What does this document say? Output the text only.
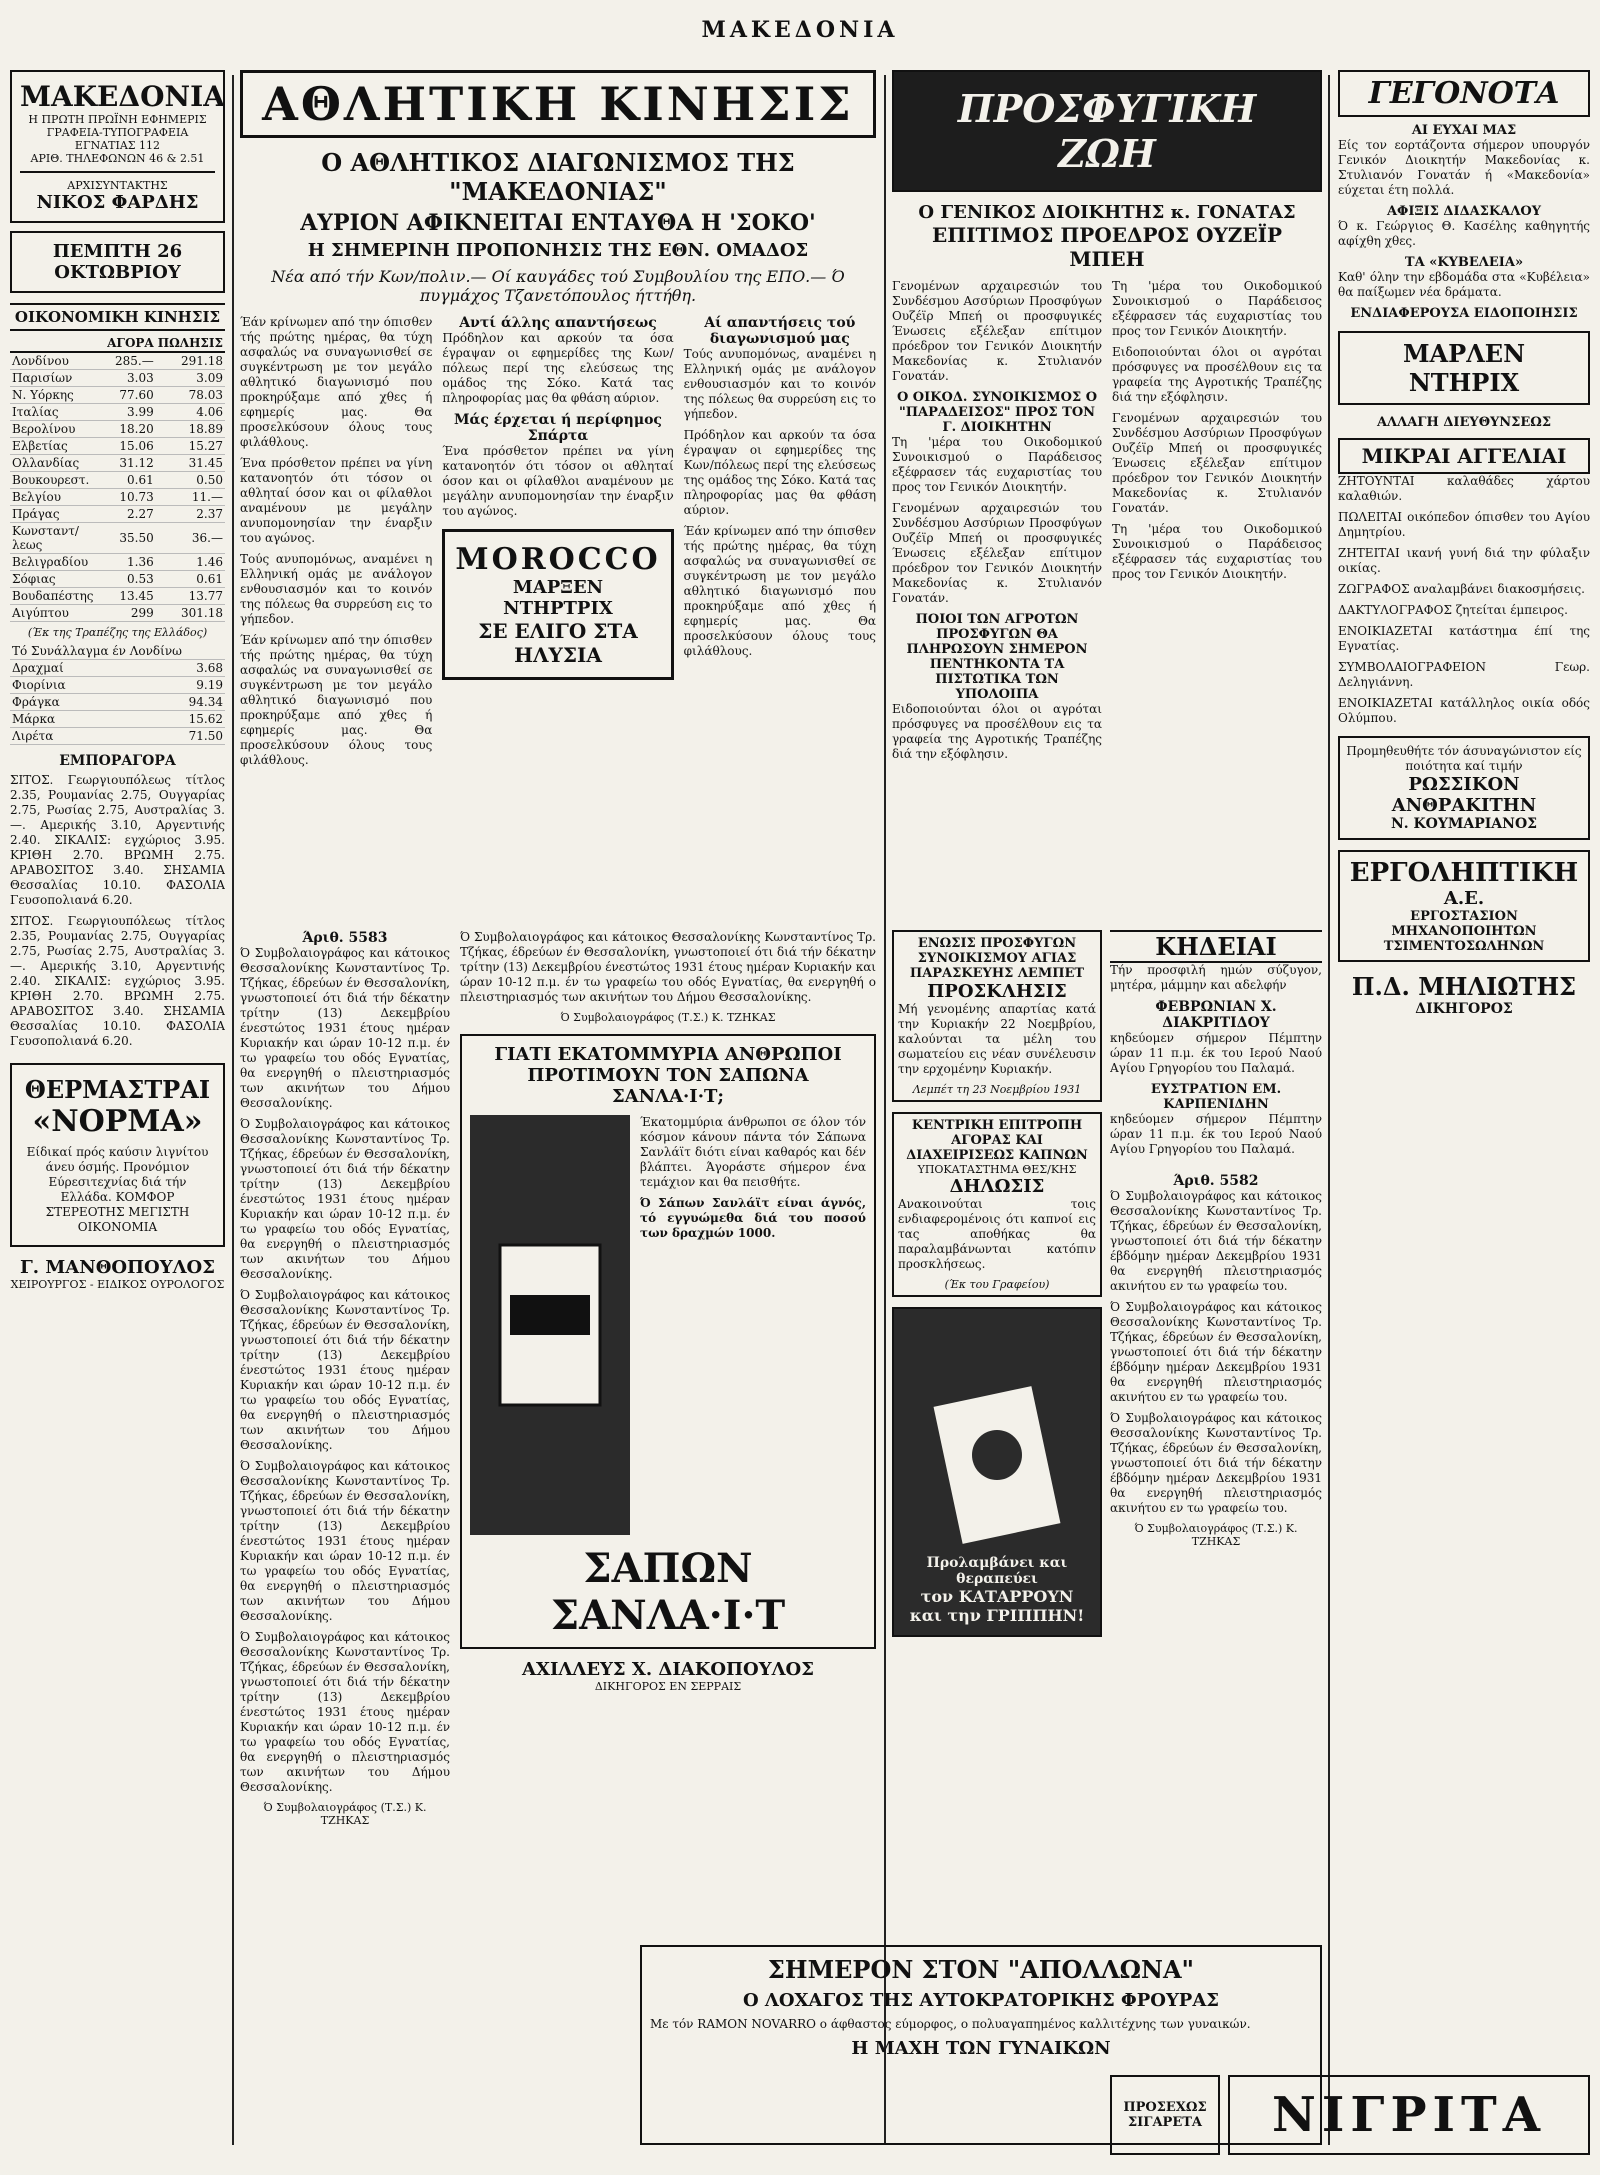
ΜΑΚΕΔΟΝΙΑ
ΜΑΚΕΔΟΝΙΑ
Η ΠΡΩΤΗ ΠΡΩΪΝΗ ΕΦΗΜΕΡΙΣ
ΓΡΑΦΕΙΑ-ΤΥΠΟΓΡΑΦΕΙΑ ΕΓΝΑΤΙΑΣ 112
ΑΡΙΘ. ΤΗΛΕΦΩΝΩΝ 46 & 2.51
ΑΡΧΙΣΥΝΤΑΚΤΗΣ
ΝΙΚΟΣ ΦΑΡΔΗΣ
ΠΕΜΠΤΗ 26 ΟΚΤΩΒΡΙΟΥ
ΟΙΚΟΝΟΜΙΚΗ ΚΙΝΗΣΙΣ
	ΑΓΟΡΑ	ΠΩΛΗΣΙΣ
Λονδίνου	285.—	291.18
Παρισίων	3.03	3.09
Ν. Υόρκης	77.60	78.03
Ιταλίας	3.99	4.06
Βερολίνου	18.20	18.89
Ελβετίας	15.06	15.27
Ολλανδίας	31.12	31.45
Βουκουρεστ.	0.61	0.50
Βελγίου	10.73	11.—
Πράγας	2.27	2.37
Κωνσταντ/λεως	35.50	36.—
Βελιγραδίου	1.36	1.46
Σόφιας	0.53	0.61
Βουδαπέστης	13.45	13.77
Αιγύπτου	299	301.18
(Έκ της Τραπέζης της Ελλάδος)
Τό Συνάλλαγμα έν Λονδίνω	
Δραχμαί	3.68
Φιορίνια	9.19
Φράγκα	94.34
Μάρκα	15.62
Λιρέτα	71.50
ΕΜΠΟΡΑΓΟΡΑ

ΣΙΤΟΣ. Γεωργιουπόλεως τίτλος 2.35, Ρουμανίας 2.75, Ουγγαρίας 2.75, Ρωσίας 2.75, Αυστραλίας 3.—. Αμερικής 3.10, Αργεντινής 2.40. ΣΙΚΑΛΙΣ: εγχώριος 3.95. ΚΡΙΘΗ 2.70. ΒΡΩΜΗ 2.75. ΑΡΑΒΟΣΙΤΟΣ 3.40. ΣΗΣΑΜΙΑ Θεσσαλίας 10.10. ΦΑΣΟΛΙΑ Γευσοπολιανά 6.20.

ΣΙΤΟΣ. Γεωργιουπόλεως τίτλος 2.35, Ρουμανίας 2.75, Ουγγαρίας 2.75, Ρωσίας 2.75, Αυστραλίας 3.—. Αμερικής 3.10, Αργεντινής 2.40. ΣΙΚΑΛΙΣ: εγχώριος 3.95. ΚΡΙΘΗ 2.70. ΒΡΩΜΗ 2.75. ΑΡΑΒΟΣΙΤΟΣ 3.40. ΣΗΣΑΜΙΑ Θεσσαλίας 10.10. ΦΑΣΟΛΙΑ Γευσοπολιανά 6.20.

ΘΕΡΜΑΣΤΡΑΙ
«ΝΟΡΜΑ»
Είδικαί πρός καύσιν λιγνίτου άνευ όσμής. Προνόμιον Εύρεσιτεχνίας διά τήν Ελλάδα. ΚΟΜΦΟΡ ΣΤΕΡΕΟΤΗΣ ΜΕΓΙΣΤΗ ΟΙΚΟΝΟΜΙΑ
Γ. ΜΑΝΘΟΠΟΥΛΟΣ
ΧΕΙΡΟΥΡΓΟΣ - ΕΙΔΙΚΟΣ ΟΥΡΟΛΟΓΟΣ
ΑΘΛΗΤΙΚΗ ΚΙΝΗΣΙΣ
Ο ΑΘΛΗΤΙΚΟΣ ΔΙΑΓΩΝΙΣΜΟΣ ΤΗΣ "ΜΑΚΕΔΟΝΙΑΣ"
ΑΥΡΙΟΝ ΑΦΙΚΝΕΙΤΑΙ ΕΝΤΑΥΘΑ Η 'ΣΟΚΟ'
Η ΣΗΜΕΡΙΝΗ ΠΡΟΠΟΝΗΣΙΣ ΤΗΣ ΕΘΝ. ΟΜΑΔΟΣ
Νέα από τήν Κων/πολιν.— Οί καυγάδες τού Συμβουλίου της ΕΠΟ.— Ό πυγμάχος Τζανετόπουλος ήττήθη.

Έάν κρίνωμεν από την όπισθεν τής πρώτης ημέρας, θα τύχη ασφαλώς να συναγωνισθεί σε συγκέντρωση με τον μεγάλο αθλητικό διαγωνισμό που προκηρύξαμε από χθες ή εφημερίς μας. Θα προσελκύσουν όλους τους φιλάθλους.

Ένα πρόσθετον πρέπει να γίνη κατανοητόν ότι τόσον οι αθληταί όσον και οι φίλαθλοι αναμένουν με μεγάλην ανυπομονησίαν την έναρξιν του αγώνος.

Τούς ανυπομόνως, αναμένει η Ελληνική ομάς με ανάλογον ενθουσιασμόν και το κοινόν της πόλεως θα συρρεύση εις το γήπεδον.

Έάν κρίνωμεν από την όπισθεν τής πρώτης ημέρας, θα τύχη ασφαλώς να συναγωνισθεί σε συγκέντρωση με τον μεγάλο αθλητικό διαγωνισμό που προκηρύξαμε από χθες ή εφημερίς μας. Θα προσελκύσουν όλους τους φιλάθλους.

Αντί άλλης απαντήσεως

Πρόδηλον και αρκούν τα όσα έγραψαν οι εφημερίδες της Κων/πόλεως περί της ελεύσεως της ομάδος της Σόκο. Κατά τας πληροφορίας μας θα φθάση αύριον.

Μάς έρχεται ή περίφημος Σπάρτα

Ένα πρόσθετον πρέπει να γίνη κατανοητόν ότι τόσον οι αθληταί όσον και οι φίλαθλοι αναμένουν με μεγάλην ανυπομονησίαν την έναρξιν του αγώνος.

MOROCCO
ΜΑΡΞΕΝ ΝΤΗΡΤΡΙΧ
ΣΕ ΕΛΙΓΟ ΣΤΑ ΗΛΥΣΙΑ
Αί απαντήσεις τού διαγωνισμού μας

Τούς ανυπομόνως, αναμένει η Ελληνική ομάς με ανάλογον ενθουσιασμόν και το κοινόν της πόλεως θα συρρεύση εις το γήπεδον.

Πρόδηλον και αρκούν τα όσα έγραψαν οι εφημερίδες της Κων/πόλεως περί της ελεύσεως της ομάδος της Σόκο. Κατά τας πληροφορίας μας θα φθάση αύριον.

Έάν κρίνωμεν από την όπισθεν τής πρώτης ημέρας, θα τύχη ασφαλώς να συναγωνισθεί σε συγκέντρωση με τον μεγάλο αθλητικό διαγωνισμό που προκηρύξαμε από χθες ή εφημερίς μας. Θα προσελκύσουν όλους τους φιλάθλους.

Άριθ. 5583

Ό Συμβολαιογράφος και κάτοικος Θεσσαλονίκης Κωνσταντίνος Τρ. Τζήκας, έδρεύων έν Θεσσαλονίκη, γνωστοποιεί ότι διά τήν δέκατην τρίτην (13) Δεκεμβρίου ένεστώτος 1931 έτους ημέραν Κυριακήν και ώραν 10-12 π.μ. έν τω γραφείω του οδός Εγνατίας, θα ενεργηθή ο πλειστηριασμός των ακινήτων του Δήμου Θεσσαλονίκης.

Ό Συμβολαιογράφος και κάτοικος Θεσσαλονίκης Κωνσταντίνος Τρ. Τζήκας, έδρεύων έν Θεσσαλονίκη, γνωστοποιεί ότι διά τήν δέκατην τρίτην (13) Δεκεμβρίου ένεστώτος 1931 έτους ημέραν Κυριακήν και ώραν 10-12 π.μ. έν τω γραφείω του οδός Εγνατίας, θα ενεργηθή ο πλειστηριασμός των ακινήτων του Δήμου Θεσσαλονίκης.

Ό Συμβολαιογράφος και κάτοικος Θεσσαλονίκης Κωνσταντίνος Τρ. Τζήκας, έδρεύων έν Θεσσαλονίκη, γνωστοποιεί ότι διά τήν δέκατην τρίτην (13) Δεκεμβρίου ένεστώτος 1931 έτους ημέραν Κυριακήν και ώραν 10-12 π.μ. έν τω γραφείω του οδός Εγνατίας, θα ενεργηθή ο πλειστηριασμός των ακινήτων του Δήμου Θεσσαλονίκης.

Ό Συμβολαιογράφος και κάτοικος Θεσσαλονίκης Κωνσταντίνος Τρ. Τζήκας, έδρεύων έν Θεσσαλονίκη, γνωστοποιεί ότι διά τήν δέκατην τρίτην (13) Δεκεμβρίου ένεστώτος 1931 έτους ημέραν Κυριακήν και ώραν 10-12 π.μ. έν τω γραφείω του οδός Εγνατίας, θα ενεργηθή ο πλειστηριασμός των ακινήτων του Δήμου Θεσσαλονίκης.

Ό Συμβολαιογράφος και κάτοικος Θεσσαλονίκης Κωνσταντίνος Τρ. Τζήκας, έδρεύων έν Θεσσαλονίκη, γνωστοποιεί ότι διά τήν δέκατην τρίτην (13) Δεκεμβρίου ένεστώτος 1931 έτους ημέραν Κυριακήν και ώραν 10-12 π.μ. έν τω γραφείω του οδός Εγνατίας, θα ενεργηθή ο πλειστηριασμός των ακινήτων του Δήμου Θεσσαλονίκης.

Ό Συμβολαιογράφος (Τ.Σ.) Κ. ΤΖΗΚΑΣ

Ό Συμβολαιογράφος και κάτοικος Θεσσαλονίκης Κωνσταντίνος Τρ. Τζήκας, έδρεύων έν Θεσσαλονίκη, γνωστοποιεί ότι διά τήν δέκατην τρίτην (13) Δεκεμβρίου ένεστώτος 1931 έτους ημέραν Κυριακήν και ώραν 10-12 π.μ. έν τω γραφείω του οδός Εγνατίας, θα ενεργηθή ο πλειστηριασμός των ακινήτων του Δήμου Θεσσαλονίκης.

Ό Συμβολαιογράφος (Τ.Σ.) Κ. ΤΖΗΚΑΣ
ΓΙΑΤΙ ΕΚΑΤΟΜΜΥΡΙΑ ΑΝΘΡΩΠΟΙ ΠΡΟΤΙΜΟΥΝ ΤΟΝ ΣΑΠΩΝΑ ΣΑΝΛΑ·Ι·Τ;

Έκατομμύρια άνθρωποι σε όλον τόν κόσμον κάνουν πάντα τόν Σάπωνα Σανλάϊτ διότι είναι καθαρός και δέν βλάπτει. Άγοράστε σήμερον ένα τεμάχιον και θα πεισθήτε.

Ό Σάπων Σανλάϊτ είναι άγνός, τό εγγυώμεθα διά του ποσού των δραχμών 1000.

ΣΑΠΩΝ ΣΑΝΛΑ·Ι·Τ
ΑΧΙΛΛΕΥΣ Χ. ΔΙΑΚΟΠΟΥΛΟΣ
ΔΙΚΗΓΟΡΟΣ ΕΝ ΣΕΡΡΑΙΣ
ΠΡΟΣΦΥΓΙΚΗ ΖΩΗ
Ο ΓΕΝΙΚΟΣ ΔΙΟΙΚΗΤΗΣ κ. ΓΟΝΑΤΑΣ
ΕΠΙΤΙΜΟΣ ΠΡΟΕΔΡΟΣ ΟΥΖΕΪΡ ΜΠΕΗ

Γενομένων αρχαιρεσιών του Συνδέσμου Ασσύριων Προσφύγων Ουζέϊρ Μπεή οι προσφυγικές Ένωσεις εξέλεξαν επίτιμον πρόεδρον τον Γενικόν Διοικητήν Μακεδονίας κ. Στυλιανόν Γονατάν.

Ο ΟΙΚΟΔ. ΣΥΝΟΙΚΙΣΜΟΣ Ο "ΠΑΡΑΔΕΙΣΟΣ" ΠΡΟΣ ΤΟΝ Γ. ΔΙΟΙΚΗΤΗΝ

Τη 'μέρα του Οικοδομικού Συνοικισμού ο Παράδεισος εξέφρασεν τάς ευχαριστίας του προς τον Γενικόν Διοικητήν.

Γενομένων αρχαιρεσιών του Συνδέσμου Ασσύριων Προσφύγων Ουζέϊρ Μπεή οι προσφυγικές Ένωσεις εξέλεξαν επίτιμον πρόεδρον τον Γενικόν Διοικητήν Μακεδονίας κ. Στυλιανόν Γονατάν.

ΠΟΙΟΙ ΤΩΝ ΑΓΡΟΤΩΝ ΠΡΟΣΦΥΓΩΝ ΘΑ ΠΛΗΡΩΣΟΥΝ ΣΗΜΕΡΟΝ ΠΕΝΤΗΚΟΝΤΑ ΤΑ ΠΙΣΤΩΤΙΚΑ ΤΩΝ ΥΠΟΛΟΙΠΑ

Ειδοποιούνται όλοι οι αγρόται πρόσφυγες να προσέλθουν εις τα γραφεία της Αγροτικής Τραπέζης διά την εξόφλησιν.

Τη 'μέρα του Οικοδομικού Συνοικισμού ο Παράδεισος εξέφρασεν τάς ευχαριστίας του προς τον Γενικόν Διοικητήν.

Ειδοποιούνται όλοι οι αγρόται πρόσφυγες να προσέλθουν εις τα γραφεία της Αγροτικής Τραπέζης διά την εξόφλησιν.

Γενομένων αρχαιρεσιών του Συνδέσμου Ασσύριων Προσφύγων Ουζέϊρ Μπεή οι προσφυγικές Ένωσεις εξέλεξαν επίτιμον πρόεδρον τον Γενικόν Διοικητήν Μακεδονίας κ. Στυλιανόν Γονατάν.

Τη 'μέρα του Οικοδομικού Συνοικισμού ο Παράδεισος εξέφρασεν τάς ευχαριστίας του προς τον Γενικόν Διοικητήν.

ΕΝΩΣΙΣ ΠΡΟΣΦΥΓΩΝ ΣΥΝΟΙΚΙΣΜΟΥ ΑΓΙΑΣ ΠΑΡΑΣΚΕΥΗΣ ΛΕΜΠΕΤ
ΠΡΟΣΚΛΗΣΙΣ

Μή γενομένης απαρτίας κατά την Κυριακήν 22 Νοεμβρίου, καλούνται τα μέλη του σωματείου εις νέαν συνέλευσιν την ερχομένην Κυριακήν.

Λεμπέτ τη 23 Νοεμβρίου 1931
ΚΕΝΤΡΙΚΗ ΕΠΙΤΡΟΠΗ ΑΓΟΡΑΣ ΚΑΙ ΔΙΑΧΕΙΡΙΣΕΩΣ ΚΑΠΝΩΝ
ΥΠΟΚΑΤΑΣΤΗΜΑ ΘΕΣ/ΚΗΣ
ΔΗΛΩΣΙΣ

Ανακοινούται τοις ενδιαφερομένοις ότι καπνοί εις τας αποθήκας θα παραλαμβάνωνται κατόπιν προσκλήσεως.

(Έκ του Γραφείου)
Προλαμβάνει και θεραπεύει
τον ΚΑΤΑΡΡΟΥΝ και την ΓΡΙΠΠΗΝ!
ΚΗΔΕΙΑΙ

Τήν προσφιλή ημών σύζυγον, μητέρα, μάμμην και αδελφήν

ΦΕΒΡΩΝΙΑΝ Χ. ΔΙΑΚΡΙΤΙΔΟΥ

κηδεύομεν σήμερον Πέμπτην ώραν 11 π.μ. έκ του Ιερού Ναού Αγίου Γρηγορίου του Παλαμά.

ΕΥΣΤΡΑΤΙΟΝ ΕΜ. ΚΑΡΠΕΝΙΔΗΝ

κηδεύομεν σήμερον Πέμπτην ώραν 11 π.μ. έκ του Ιερού Ναού Αγίου Γρηγορίου του Παλαμά.

Άριθ. 5582

Ό Συμβολαιογράφος και κάτοικος Θεσσαλονίκης Κωνσταντίνος Τρ. Τζήκας, έδρεύων έν Θεσσαλονίκη, γνωστοποιεί ότι διά τήν δέκατην έβδόμην ημέραν Δεκεμβρίου 1931 θα ενεργηθή πλειστηριασμός ακινήτου εν τω γραφείω του.

Ό Συμβολαιογράφος και κάτοικος Θεσσαλονίκης Κωνσταντίνος Τρ. Τζήκας, έδρεύων έν Θεσσαλονίκη, γνωστοποιεί ότι διά τήν δέκατην έβδόμην ημέραν Δεκεμβρίου 1931 θα ενεργηθή πλειστηριασμός ακινήτου εν τω γραφείω του.

Ό Συμβολαιογράφος και κάτοικος Θεσσαλονίκης Κωνσταντίνος Τρ. Τζήκας, έδρεύων έν Θεσσαλονίκη, γνωστοποιεί ότι διά τήν δέκατην έβδόμην ημέραν Δεκεμβρίου 1931 θα ενεργηθή πλειστηριασμός ακινήτου εν τω γραφείω του.

Ό Συμβολαιογράφος (Τ.Σ.) Κ. ΤΖΗΚΑΣ
ΣΗΜΕΡΟΝ ΣΤΟΝ "ΑΠΟΛΛΩΝΑ"
Ο ΛΟΧΑΓΟΣ ΤΗΣ ΑΥΤΟΚΡΑΤΟΡΙΚΗΣ ΦΡΟΥΡΑΣ

Με τόν RAMON NOVARRO ο άφθαστος εύμορφος, ο πολυαγαπημένος καλλιτέχνης των γυναικών.

Η ΜΑΧΗ ΤΩΝ ΓΥΝΑΙΚΩΝ
ΓΕΓΟΝΟΤΑ
ΑΙ ΕΥΧΑΙ ΜΑΣ

Είς τον εορτάζοντα σήμερον υπουργόν Γενικόν Διοικητήν Μακεδονίας κ. Στυλιανόν Γονατάν ή «Μακεδονία» εύχεται έτη πολλά.

ΑΦΙΞΙΣ ΔΙΔΑΣΚΑΛΟΥ

Ό κ. Γεώργιος Θ. Κασέλης καθηγητής αφίχθη χθες.

ΤΑ «ΚΥΒΕΛΕΙΑ»

Καθ' όλην την εβδομάδα στα «Κυβέλεια» θα παίξωμεν νέα δράματα.

ΕΝΔΙΑΦΕΡΟΥΣΑ ΕΙΔΟΠΟΙΗΣΙΣ
ΜΑΡΛΕΝ ΝΤΗΡΙΧ
ΑΛΛΑΓΗ ΔΙΕΥΘΥΝΣΕΩΣ
ΜΙΚΡΑΙ ΑΓΓΕΛΙΑΙ

ΖΗΤΟΥΝΤΑΙ καλαθάδες χάρτου καλαθιών.

ΠΩΛΕΙΤΑΙ οικόπεδον όπισθεν του Αγίου Δημητρίου.

ΖΗΤΕΙΤΑΙ ικανή γυνή διά την φύλαξιν οικίας.

ΖΩΓΡΑΦΟΣ αναλαμβάνει διακοσμήσεις.

ΔΑΚΤΥΛΟΓΡΑΦΟΣ ζητείται έμπειρος.

ΕΝΟΙΚΙΑΖΕΤΑΙ κατάστημα έπί της Εγνατίας.

ΣΥΜΒΟΛΑΙΟΓΡΑΦΕΙΟΝ Γεωρ. Δεληγιάννη.

ΕΝΟΙΚΙΑΖΕΤΑΙ κατάλληλος οικία οδός Ολύμπου.

Προμηθευθήτε τόν άσυναγώνιστον είς ποιότητα καί τιμήν
ΡΩΣΣΙΚΟΝ ΑΝΘΡΑΚΙΤΗΝ
Ν. ΚΟΥΜΑΡΙΑΝΟΣ
ΕΡΓΟΛΗΠΤΙΚΗ
Α.Ε.
ΕΡΓΟΣΤΑΣΙΟΝ ΜΗΧΑΝΟΠΟΙΗΤΩΝ ΤΣΙΜΕΝΤΟΣΩΛΗΝΩΝ
Π.Δ. ΜΗΛΙΩΤΗΣ
ΔΙΚΗΓΟΡΟΣ
ΠΡΟΣΕΧΩΣ ΣΙΓΑΡΕΤΑ	ΝΙΓΡΙΤΑ
